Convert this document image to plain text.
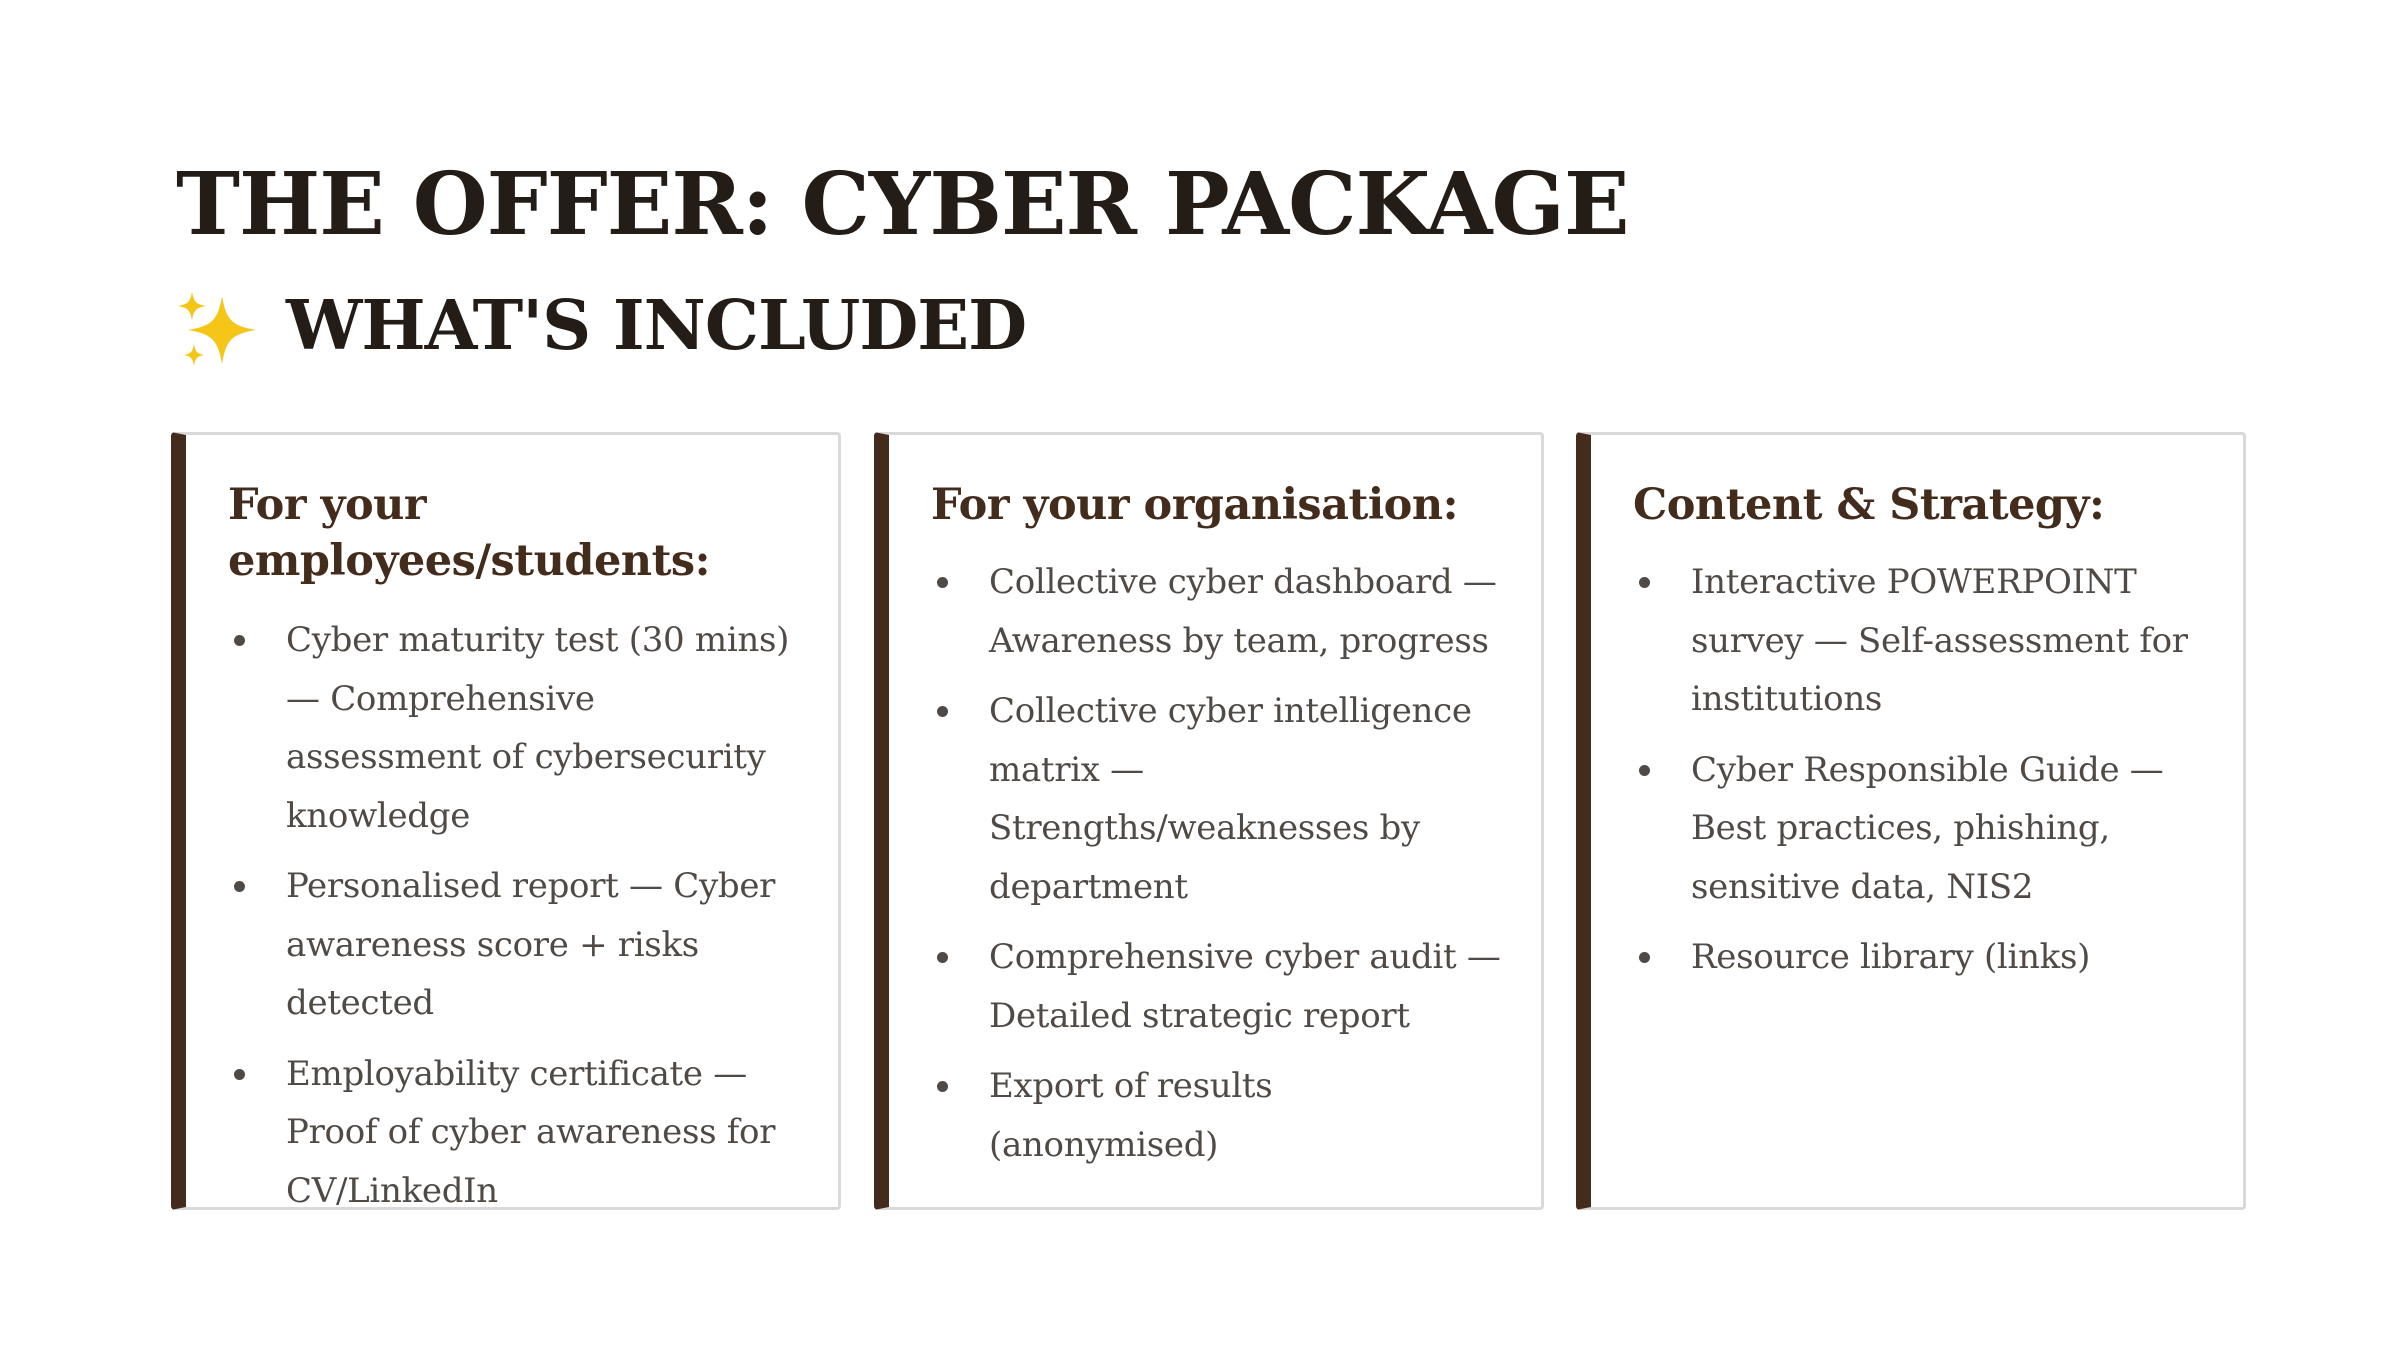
THE OFFER: CYBER PACKAGE
WHAT'S INCLUDED
For your employees/students:
Cyber maturity test (30 mins) — Comprehensive assessment of cybersecurity knowledge
Personalised report — Cyber awareness score + risks detected
Employability certificate — Proof of cyber awareness for CV/LinkedIn
For your organisation:
Collective cyber dashboard — Awareness by team, progress
Collective cyber intelligence matrix — Strengths/weaknesses by department
Comprehensive cyber audit — Detailed strategic report
Export of results (anonymised)
Content & Strategy:
Interactive POWERPOINT survey — Self-assessment for institutions
Cyber Responsible Guide — Best practices, phishing, sensitive data, NIS2
Resource library (links)
